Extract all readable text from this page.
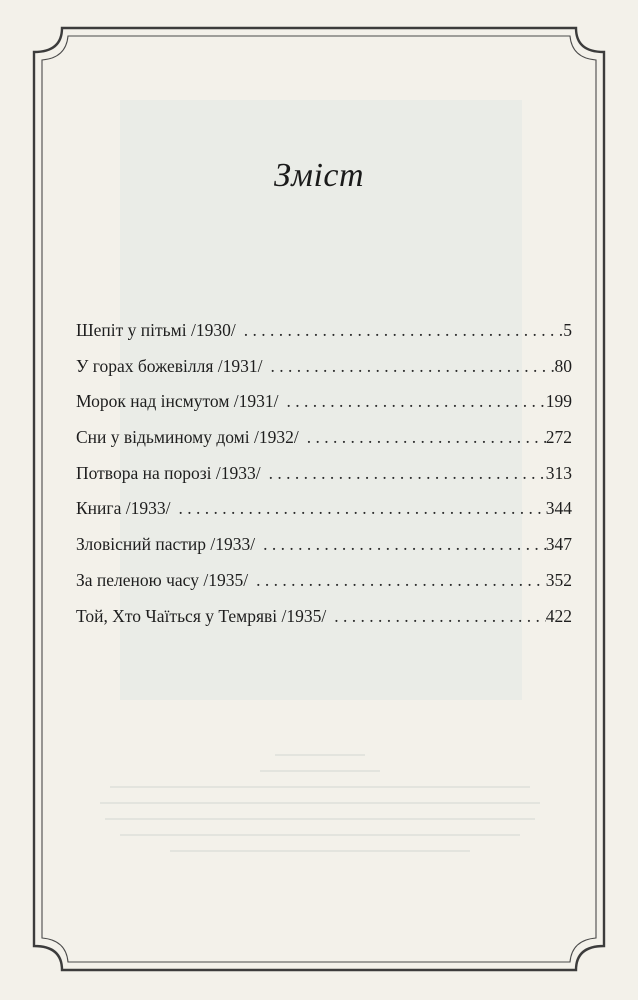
Зміст
Шепіт у пітьмі /1930/ . . .	5
У горах божевілля /1931/ . . .	80
Морок над інсмутом /1931/ . . .	199
Сни у відьминому домі /1932/ . . .	272
Потвора на порозі /1933/ . . .	313
Книга /1933/ . . .	344
Зловісний пастир /1933/ . . .	347
За пеленою часу /1935/ . . .	352
Той, Хто Чаїться у Темряві /1935/ . . .	422
